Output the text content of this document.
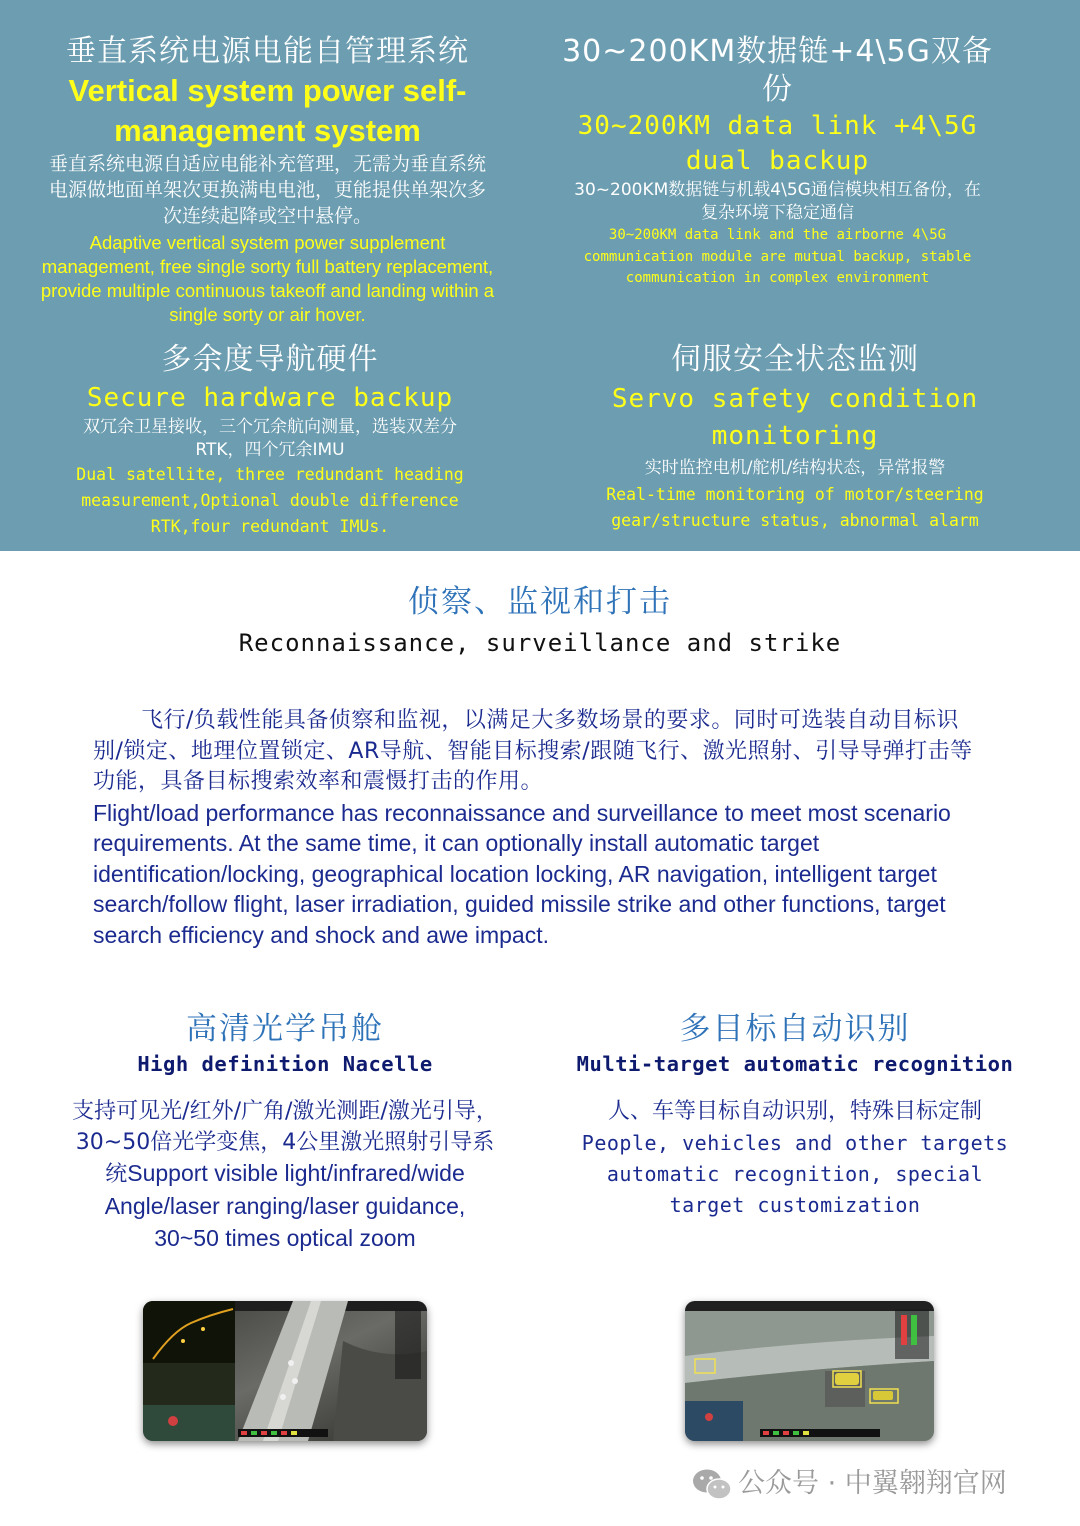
垂直系统电源电能自管理系统
Vertical system power self-management system
垂直系统电源自适应电能补充管理，无需为垂直系统电源做地面单架次更换满电电池，更能提供单架次多次连续起降或空中悬停。
Adaptive vertical system power supplement management, free single sorty full battery replacement, provide multiple continuous takeoff and landing within a single sorty or air hover.
30~200KM数据链+4\5G双备份
30~200KM data link +4\5G dual backup
30~200KM数据链与机载4\5G通信模块相互备份，在复杂环境下稳定通信
30~200KM data link and the airborne 4\5G communication module are mutual backup, stable communication in complex environment
多余度导航硬件
Secure hardware backup
双冗余卫星接收，三个冗余航向测量，选装双差分RTK，四个冗余IMU
Dual satellite, three redundant heading measurement,Optional double difference RTK,four redundant IMUs.
伺服安全状态监测
Servo safety condition monitoring
实时监控电机/舵机/结构状态，异常报警
Real-time monitoring of motor/steering gear/structure status, abnormal alarm
侦察、监视和打击
Reconnaissance, surveillance and strike
飞行/负载性能具备侦察和监视，以满足大多数场景的要求。同时可选装自动目标识别/锁定、地理位置锁定、AR导航、智能目标搜索/跟随飞行、激光照射、引导导弹打击等功能，具备目标搜索效率和震慑打击的作用。
Flight/load performance has reconnaissance and surveillance to meet most scenario requirements. At the same time, it can optionally install automatic target identification/locking, geographical location locking, AR navigation, intelligent target search/follow flight, laser irradiation, guided missile strike and other functions, target search efficiency and shock and awe impact.
高清光学吊舱
High definition Nacelle
支持可见光/红外/广角/激光测距/激光引导，30~50倍光学变焦，4公里激光照射引导系统Support visible light/infrared/wide Angle/laser ranging/laser guidance, 30~50 times optical zoom
多目标自动识别
Multi-target automatic recognition
人、车等目标自动识别，特殊目标定制
People, vehicles and other targets automatic recognition, special target customization
公众号 · 中翼翱翔官网
